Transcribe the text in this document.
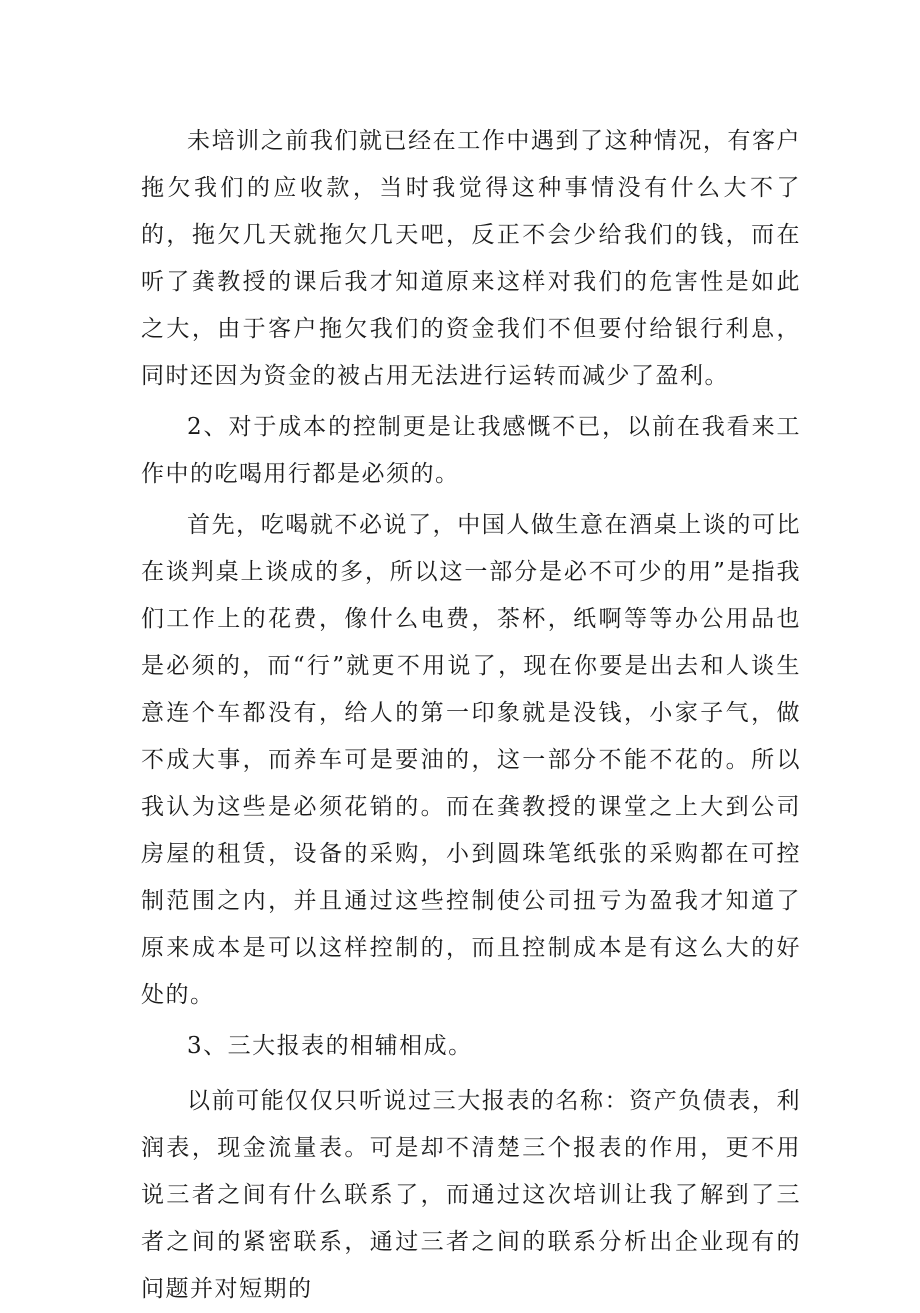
未培训之前我们就已经在工作中遇到了这种情况，有客户拖欠我们的应收款，当时我觉得这种事情没有什么大不了的，拖欠几天就拖欠几天吧，反正不会少给我们的钱，而在听了龚教授的课后我才知道原来这样对我们的危害性是如此之大，由于客户拖欠我们的资金我们不但要付给银行利息，同时还因为资金的被占用无法进行运转而减少了盈利。

2、对于成本的控制更是让我感慨不已，以前在我看来工作中的吃喝用行都是必须的。

首先，吃喝就不必说了，中国人做生意在酒桌上谈的可比在谈判桌上谈成的多，所以这一部分是必不可少的用”是指我们工作上的花费，像什么电费，茶杯，纸啊等等办公用品也是必须的，而“行”就更不用说了，现在你要是出去和人谈生意连个车都没有，给人的第一印象就是没钱，小家子气，做不成大事，而养车可是要油的，这一部分不能不花的。所以我认为这些是必须花销的。而在龚教授的课堂之上大到公司房屋的租赁，设备的采购，小到圆珠笔纸张的采购都在可控制范围之内，并且通过这些控制使公司扭亏为盈我才知道了原来成本是可以这样控制的，而且控制成本是有这么大的好处的。

3、三大报表的相辅相成。

以前可能仅仅只听说过三大报表的名称：资产负债表，利润表，现金流量表。可是却不清楚三个报表的作用，更不用说三者之间有什么联系了，而通过这次培训让我了解到了三者之间的紧密联系，通过三者之间的联系分析出企业现有的问题并对短期的
